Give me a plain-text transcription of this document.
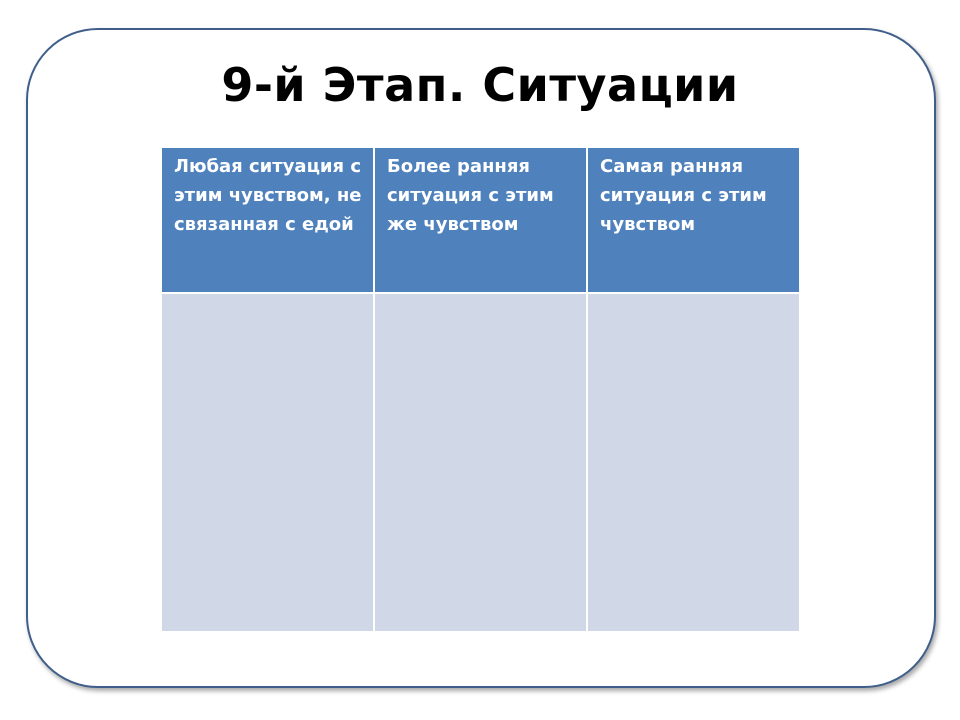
9-й Этап. Ситуации
Любая ситуация с этим чувством, не связанная с едой	Более ранняя ситуация с этим же чувством	Самая ранняя ситуация с этим чувством
